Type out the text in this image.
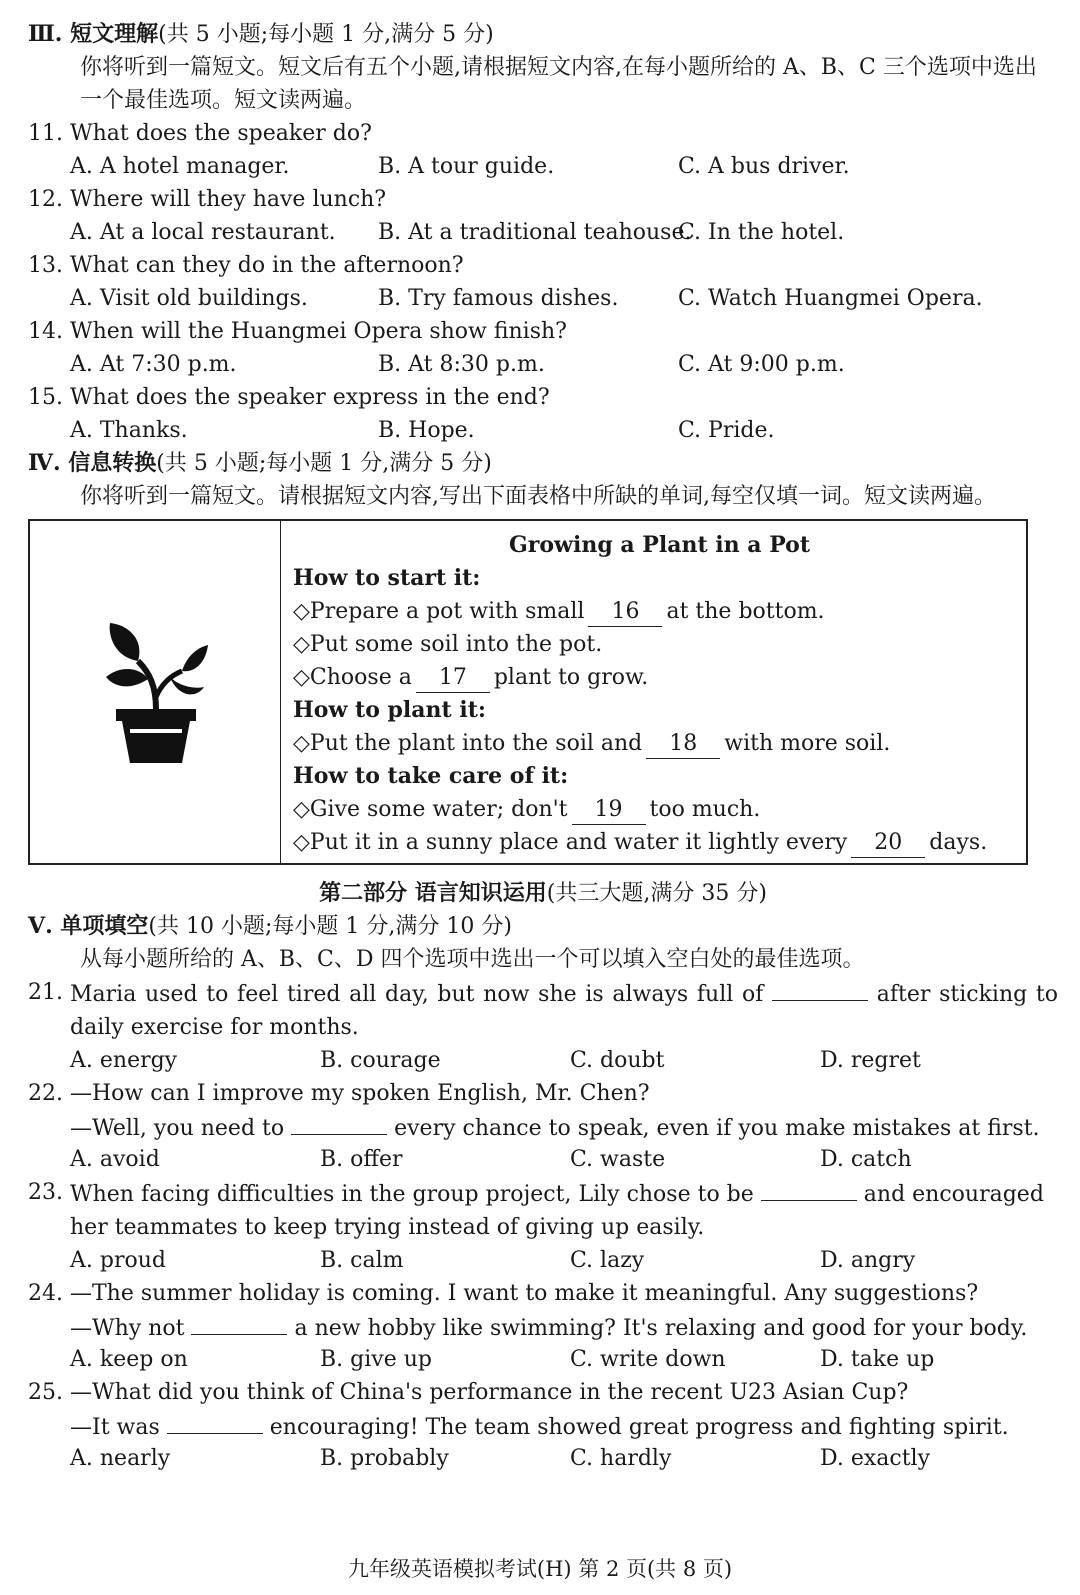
Ⅲ. 短文理解(共 5 小题;每小题 1 分,满分 5 分)
你将听到一篇短文。短文后有五个小题,请根据短文内容,在每小题所给的 A、B、C 三个选项中选出一个最佳选项。短文读两遍。
11. What does the speaker do?
A. A hotel manager.	B. A tour guide.	C. A bus driver.
12. Where will they have lunch?
A. At a local restaurant.	B. At a traditional teahouse.
C. In the hotel.
13. What can they do in the afternoon?
A. Visit old buildings.	B. Try famous dishes.	C. Watch Huangmei Opera.
14. When will the Huangmei Opera show finish?
A. At 7:30 p.m.	B. At 8:30 p.m.	C. At 9:00 p.m.
15. What does the speaker express in the end?
A. Thanks.	B. Hope.	C. Pride.
Ⅳ. 信息转换(共 5 小题;每小题 1 分,满分 5 分)
你将听到一篇短文。请根据短文内容,写出下面表格中所缺的单词,每空仅填一词。短文读两遍。
Growing a Plant in a Pot
How to start it:
◇Prepare a pot with small 16 at the bottom.
◇Put some soil into the pot.
◇Choose a 17 plant to grow.
How to plant it:
◇Put the plant into the soil and 18 with more soil.
How to take care of it:
◇Give some water; don't 19 too much.
◇Put it in a sunny place and water it lightly every 20 days.
第二部分 语言知识运用(共三大题,满分 35 分)
Ⅴ. 单项填空(共 10 小题;每小题 1 分,满分 10 分)
从每小题所给的 A、B、C、D 四个选项中选出一个可以填入空白处的最佳选项。
21. Maria used to feel tired all day, but now she is always full of	after sticking to daily exercise for months.
A. energy	B. courage	C. doubt	D. regret
22. —How can I improve my spoken English, Mr. Chen?
—Well, you need to	every chance to speak, even if you make mistakes at first.
A. avoid	B. offer	C. waste	D. catch
23. When facing difficulties in the group project, Lily chose to be	and encouraged her teammates to keep trying instead of giving up easily.
A. proud	B. calm	C. lazy	D. angry
24. —The summer holiday is coming. I want to make it meaningful. Any suggestions?
—Why not	a new hobby like swimming? It's relaxing and good for your body.
A. keep on	B. give up	C. write down	D. take up
25. —What did you think of China's performance in the recent U23 Asian Cup?
—It was	encouraging! The team showed great progress and fighting spirit.
A. nearly	B. probably	C. hardly	D. exactly
九年级英语模拟考试(H) 第 2 页(共 8 页)
